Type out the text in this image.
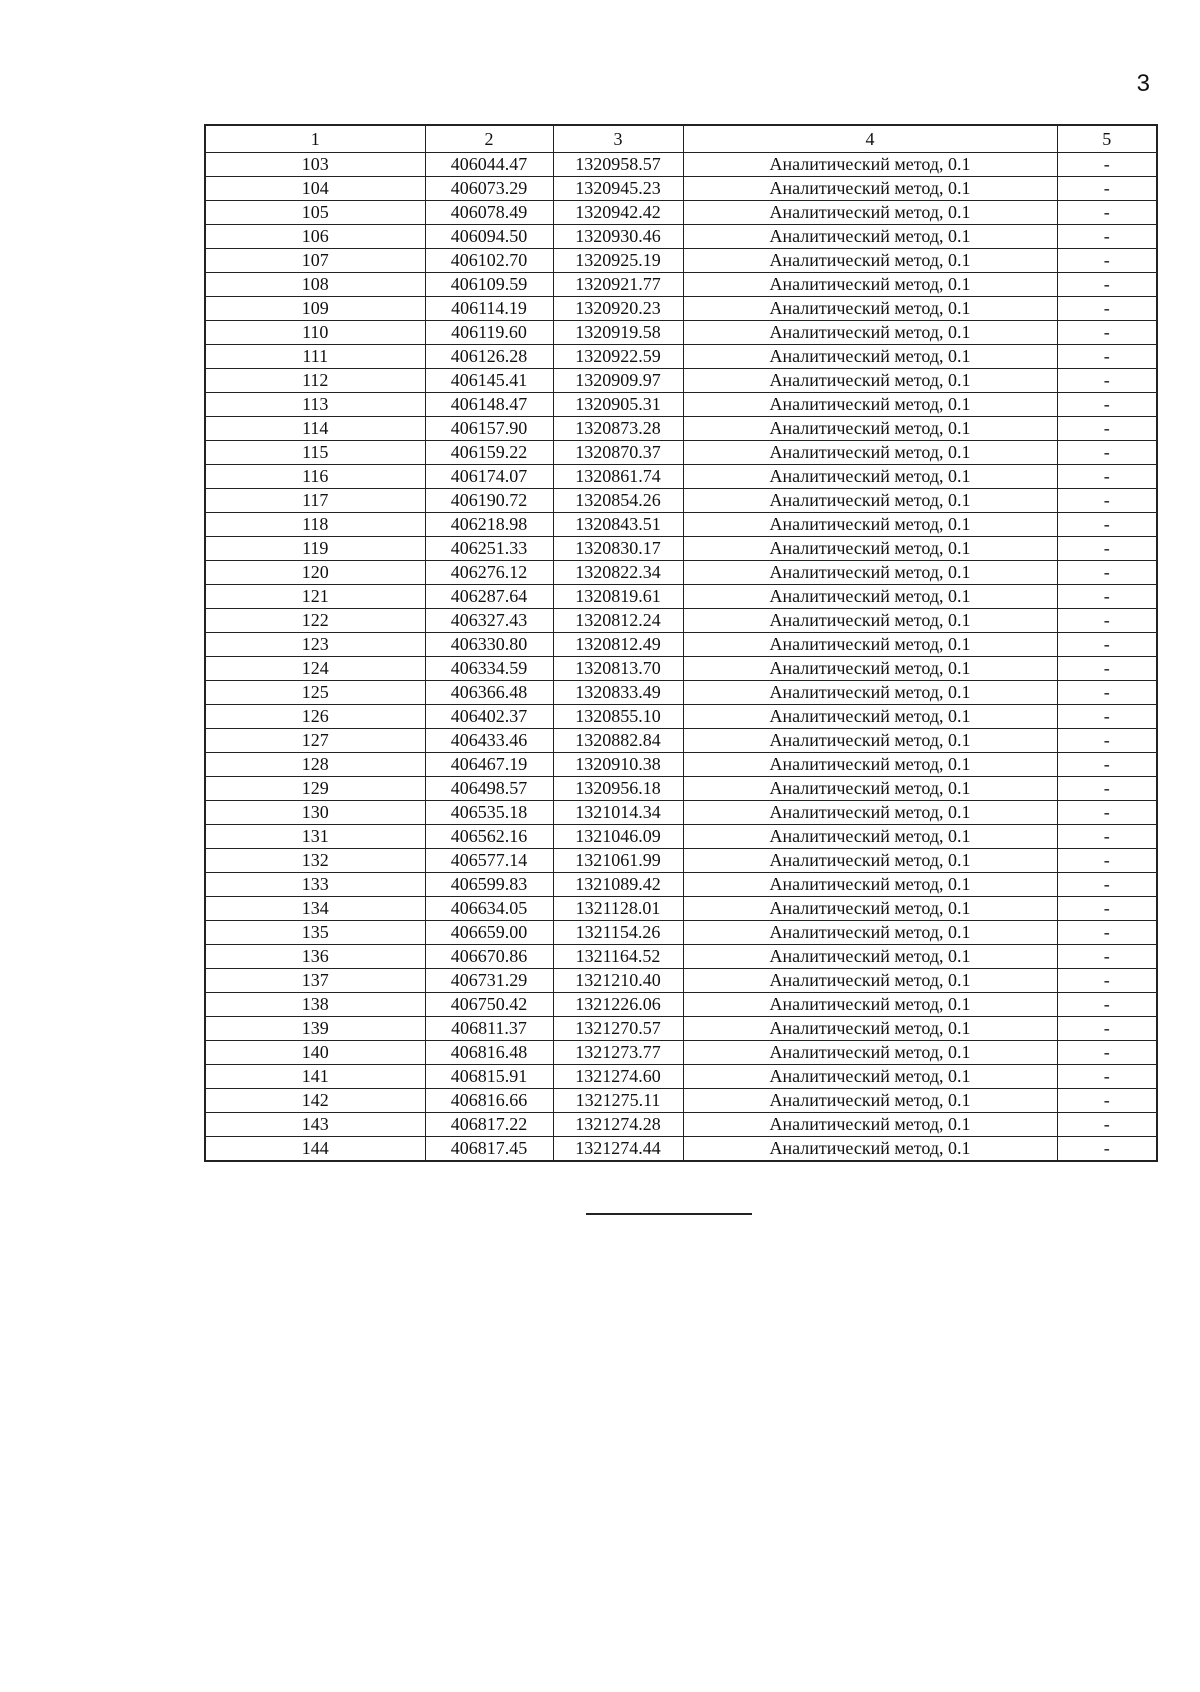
3
1	2	3	4	5
103	406044.47	1320958.57	Аналитический метод, 0.1	-
104	406073.29	1320945.23	Аналитический метод, 0.1	-
105	406078.49	1320942.42	Аналитический метод, 0.1	-
106	406094.50	1320930.46	Аналитический метод, 0.1	-
107	406102.70	1320925.19	Аналитический метод, 0.1	-
108	406109.59	1320921.77	Аналитический метод, 0.1	-
109	406114.19	1320920.23	Аналитический метод, 0.1	-
110	406119.60	1320919.58	Аналитический метод, 0.1	-
111	406126.28	1320922.59	Аналитический метод, 0.1	-
112	406145.41	1320909.97	Аналитический метод, 0.1	-
113	406148.47	1320905.31	Аналитический метод, 0.1	-
114	406157.90	1320873.28	Аналитический метод, 0.1	-
115	406159.22	1320870.37	Аналитический метод, 0.1	-
116	406174.07	1320861.74	Аналитический метод, 0.1	-
117	406190.72	1320854.26	Аналитический метод, 0.1	-
118	406218.98	1320843.51	Аналитический метод, 0.1	-
119	406251.33	1320830.17	Аналитический метод, 0.1	-
120	406276.12	1320822.34	Аналитический метод, 0.1	-
121	406287.64	1320819.61	Аналитический метод, 0.1	-
122	406327.43	1320812.24	Аналитический метод, 0.1	-
123	406330.80	1320812.49	Аналитический метод, 0.1	-
124	406334.59	1320813.70	Аналитический метод, 0.1	-
125	406366.48	1320833.49	Аналитический метод, 0.1	-
126	406402.37	1320855.10	Аналитический метод, 0.1	-
127	406433.46	1320882.84	Аналитический метод, 0.1	-
128	406467.19	1320910.38	Аналитический метод, 0.1	-
129	406498.57	1320956.18	Аналитический метод, 0.1	-
130	406535.18	1321014.34	Аналитический метод, 0.1	-
131	406562.16	1321046.09	Аналитический метод, 0.1	-
132	406577.14	1321061.99	Аналитический метод, 0.1	-
133	406599.83	1321089.42	Аналитический метод, 0.1	-
134	406634.05	1321128.01	Аналитический метод, 0.1	-
135	406659.00	1321154.26	Аналитический метод, 0.1	-
136	406670.86	1321164.52	Аналитический метод, 0.1	-
137	406731.29	1321210.40	Аналитический метод, 0.1	-
138	406750.42	1321226.06	Аналитический метод, 0.1	-
139	406811.37	1321270.57	Аналитический метод, 0.1	-
140	406816.48	1321273.77	Аналитический метод, 0.1	-
141	406815.91	1321274.60	Аналитический метод, 0.1	-
142	406816.66	1321275.11	Аналитический метод, 0.1	-
143	406817.22	1321274.28	Аналитический метод, 0.1	-
144	406817.45	1321274.44	Аналитический метод, 0.1	-
